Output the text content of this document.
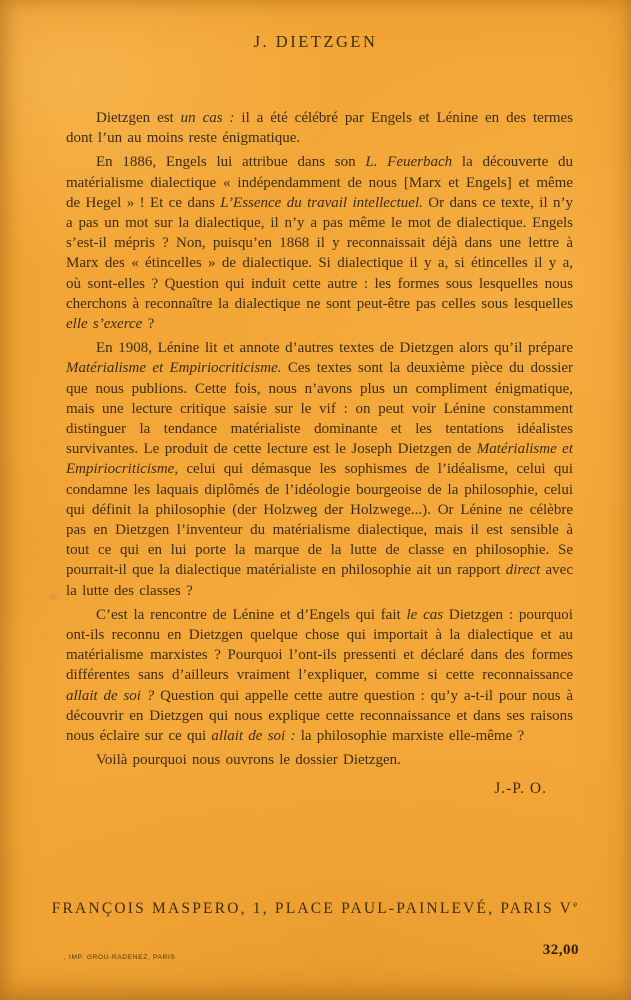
J. DIETZGEN

Dietzgen est un cas : il a été célébré par Engels et Lénine en des termes dont l’un au moins reste énigmatique.

En 1886, Engels lui attribue dans son L. Feuerbach la découverte du matérialisme dialectique « indépendamment de nous [Marx et Engels] et même de Hegel » ! Et ce dans L’Essence du travail intellectuel. Or dans ce texte, il n’y a pas un mot sur la dialectique, il n’y a pas même le mot de dialectique. Engels s’est-il mépris ? Non, puisqu’en 1868 il y reconnaissait déjà dans une lettre à Marx des « étincelles » de dialectique. Si dialectique il y a, si étincelles il y a, où sont-elles ? Question qui induit cette autre : les formes sous lesquelles nous cherchons à reconnaître la dialectique ne sont peut-être pas celles sous lesquelles elle s’exerce ?

En 1908, Lénine lit et annote d’autres textes de Dietzgen alors qu’il prépare Matérialisme et Empiriocriticisme. Ces textes sont la deuxième pièce du dossier que nous publions. Cette fois, nous n’avons plus un compliment énigmatique, mais une lecture critique saisie sur le vif : on peut voir Lénine constamment distinguer la tendance matérialiste dominante et les tentations idéalistes survivantes. Le produit de cette lecture est le Joseph Dietzgen de Matérialisme et Empiriocriticisme, celui qui démasque les sophismes de l’idéalisme, celui qui condamne les laquais diplômés de l’idéologie bourgeoise de la philosophie, celui qui définit la philosophie (der Holzweg der Holzwege...). Or Lénine ne célèbre pas en Dietzgen l’inventeur du matérialisme dialectique, mais il est sensible à tout ce qui en lui porte la marque de la lutte de classe en philosophie. Se pourrait-il que la dialectique matérialiste en philosophie ait un rapport direct avec la lutte des classes ?

C’est la rencontre de Lénine et d’Engels qui fait le cas Dietzgen : pourquoi ont-ils reconnu en Dietzgen quelque chose qui importait à la dialectique et au matérialisme marxistes ? Pourquoi l’ont-ils pressenti et déclaré dans des formes différentes sans d’ailleurs vraiment l’expliquer, comme si cette reconnaissance allait de soi ? Question qui appelle cette autre question : qu’y a-t-il pour nous à découvrir en Dietzgen qui nous explique cette reconnaissance et dans ses raisons nous éclaire sur ce qui allait de soi : la philosophie marxiste elle-même ?

Voilà pourquoi nous ouvrons le dossier Dietzgen.

J.-P. O.
FRANÇOIS MASPERO, 1, PLACE PAUL-PAINLEVÉ, PARIS Ve
, IMP. GROU-RADENEZ, PARIS	32,00
